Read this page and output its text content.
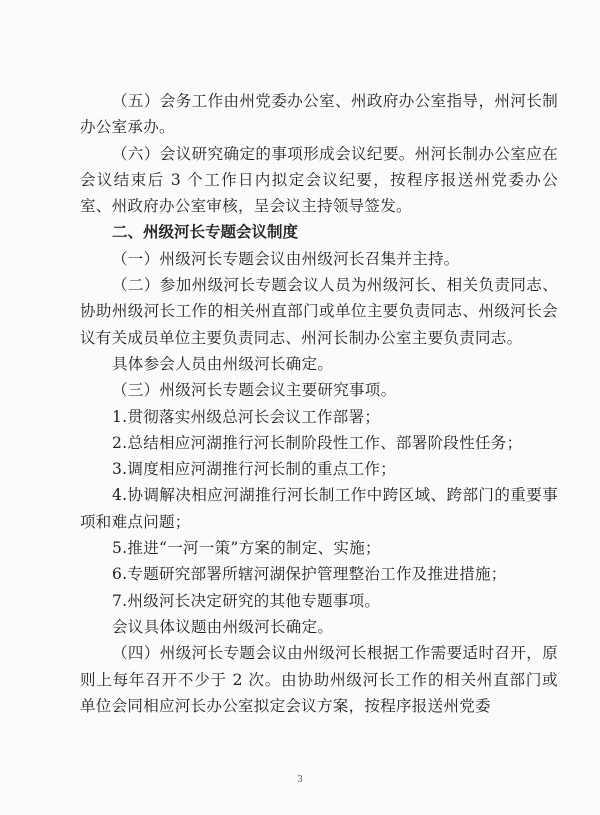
（五）会务工作由州党委办公室、州政府办公室指导，州河长制办公室承办。

（六）会议研究确定的事项形成会议纪要。州河长制办公室应在会议结束后 3 个工作日内拟定会议纪要，按程序报送州党委办公室、州政府办公室审核，呈会议主持领导签发。

二、州级河长专题会议制度

（一）州级河长专题会议由州级河长召集并主持。

（二）参加州级河长专题会议人员为州级河长、相关负责同志、协助州级河长工作的相关州直部门或单位主要负责同志、州级河长会议有关成员单位主要负责同志、州河长制办公室主要负责同志。

具体参会人员由州级河长确定。

（三）州级河长专题会议主要研究事项。

1.贯彻落实州级总河长会议工作部署；

2.总结相应河湖推行河长制阶段性工作、部署阶段性任务；

3.调度相应河湖推行河长制的重点工作；

4.协调解决相应河湖推行河长制工作中跨区域、跨部门的重要事项和难点问题；

5.推进“一河一策”方案的制定、实施；

6.专题研究部署所辖河湖保护管理整治工作及推进措施；

7.州级河长决定研究的其他专题事项。

会议具体议题由州级河长确定。

（四）州级河长专题会议由州级河长根据工作需要适时召开，原则上每年召开不少于 2 次。由协助州级河长工作的相关州直部门或单位会同相应河长办公室拟定会议方案，按程序报送州党委

3
